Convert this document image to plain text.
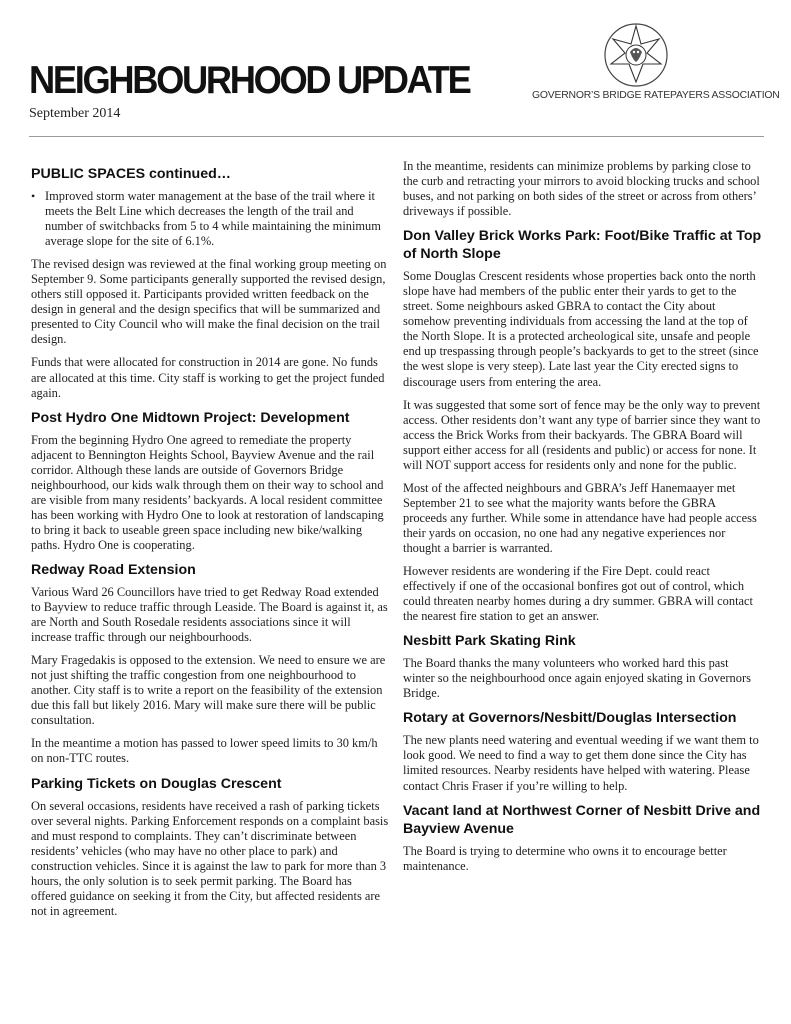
NEIGHBOURHOOD UPDATE
September 2014
GOVERNOR’S BRIDGE RATEPAYERS ASSOCIATION
PUBLIC SPACES continued…

• Improved storm water management at the base of the trail where it meets the Belt Line which decreases the length of the trail and number of switchbacks from 5 to 4 while maintaining the minimum average slope for the site of 6.1%.

The revised design was reviewed at the final working group meeting on September 9. Some participants generally supported the revised design, others still opposed it. Participants provided written feedback on the design in general and the design specifics that will be summarized and presented to City Council who will make the final decision on the trail design.

Funds that were allocated for construction in 2014 are gone. No funds are allocated at this time. City staff is working to get the project funded again.

Post Hydro One Midtown Project: Development

From the beginning Hydro One agreed to remediate the property adjacent to Bennington Heights School, Bayview Avenue and the rail corridor. Although these lands are outside of Governors Bridge neighbourhood, our kids walk through them on their way to school and are visible from many residents’ backyards. A local resident committee has been working with Hydro One to look at restoration of landscaping to bring it back to useable green space including new bike/walking paths. Hydro One is cooperating.

Redway Road Extension

Various Ward 26 Councillors have tried to get Redway Road extended to Bayview to reduce traffic through Leaside. The Board is against it, as are North and South Rosedale residents associations since it will increase traffic through our neighbourhoods.

Mary Fragedakis is opposed to the extension. We need to ensure we are not just shifting the traffic congestion from one neighbourhood to another. City staff is to write a report on the feasibility of the extension due this fall but likely 2016. Mary will make sure there will be public consultation.

In the meantime a motion has passed to lower speed limits to 30 km/h on non-TTC routes.

Parking Tickets on Douglas Crescent

On several occasions, residents have received a rash of parking tickets over several nights. Parking Enforcement responds on a complaint basis and must respond to complaints. They can’t discriminate between residents’ vehicles (who may have no other place to park) and construction vehicles. Since it is against the law to park for more than 3 hours, the only solution is to seek permit parking. The Board has offered guidance on seeking it from the City, but affected residents are not in agreement.

In the meantime, residents can minimize problems by parking close to the curb and retracting your mirrors to avoid blocking trucks and school buses, and not parking on both sides of the street or across from others’ driveways if possible.

Don Valley Brick Works Park: Foot/Bike Traffic at Top of North Slope

Some Douglas Crescent residents whose properties back onto the north slope have had members of the public enter their yards to get to the street. Some neighbours asked GBRA to contact the City about somehow preventing individuals from accessing the land at the top of the North Slope. It is a protected archeological site, unsafe and people end up trespassing through people’s backyards to get to the street (since the west slope is very steep). Late last year the City erected signs to discourage users from entering the area.

It was suggested that some sort of fence may be the only way to prevent access. Other residents don’t want any type of barrier since they want to access the Brick Works from their backyards. The GBRA Board will support either access for all (residents and public) or access for none. It will NOT support access for residents only and none for the public.

Most of the affected neighbours and GBRA’s Jeff Hanemaayer met September 21 to see what the majority wants before the GBRA proceeds any further. While some in attendance have had people access their yards on occasion, no one had any negative experiences nor thought a barrier is warranted.

However residents are wondering if the Fire Dept. could react effectively if one of the occasional bonfires got out of control, which could threaten nearby homes during a dry summer. GBRA will contact the nearest fire station to get an answer.

Nesbitt Park Skating Rink

The Board thanks the many volunteers who worked hard this past winter so the neighbourhood once again enjoyed skating in Governors Bridge.

Rotary at Governors/Nesbitt/Douglas Intersection

The new plants need watering and eventual weeding if we want them to look good. We need to find a way to get them done since the City has limited resources. Nearby residents have helped with watering. Please contact Chris Fraser if you’re willing to help.

Vacant land at Northwest Corner of Nesbitt Drive and Bayview Avenue

The Board is trying to determine who owns it to encourage better maintenance.
